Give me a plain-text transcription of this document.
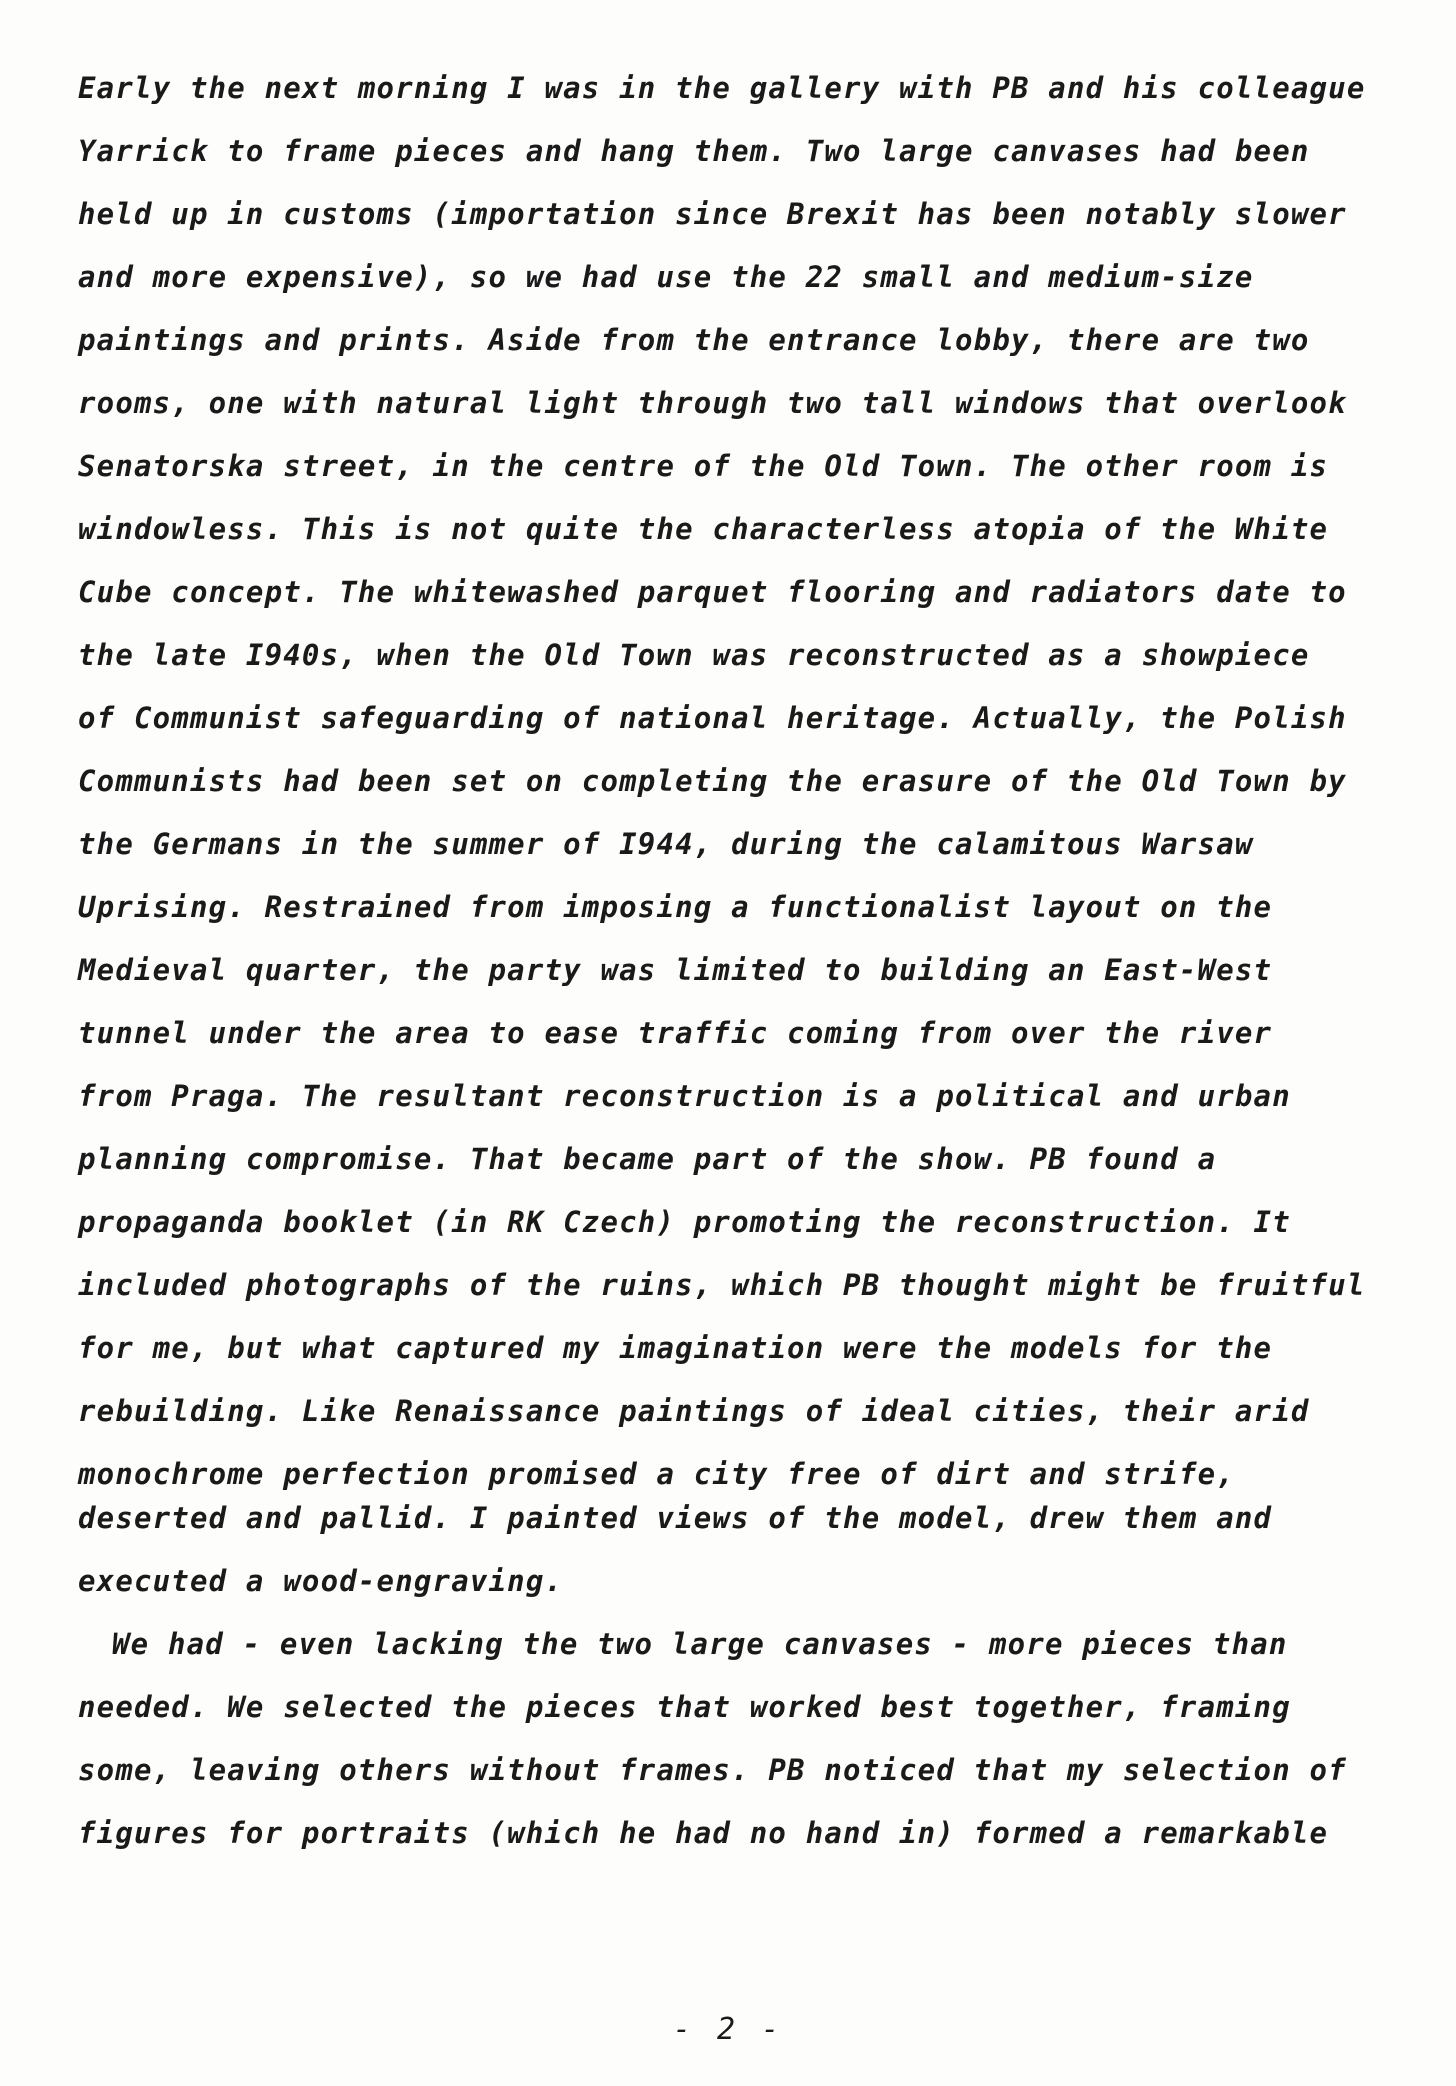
Early the next morning I was in the gallery with PB and his colleague
Yarrick to frame pieces and hang them. Two large canvases had been
held up in customs (importation since Brexit has been notably slower
and more expensive), so we had use the 22 small and medium-size
paintings and prints. Aside from the entrance lobby, there are two
rooms, one with natural light through two tall windows that overlook
Senatorska street, in the centre of the Old Town. The other room is
windowless. This is not quite the characterless atopia of the White
Cube concept. The whitewashed parquet flooring and radiators date to
the late I940s, when the Old Town was reconstructed as a showpiece
of Communist safeguarding of national heritage. Actually, the Polish
Communists had been set on completing the erasure of the Old Town by
the Germans in the summer of I944, during the calamitous Warsaw
Uprising. Restrained from imposing a functionalist layout on the
Medieval quarter, the party was limited to building an East-West
tunnel under the area to ease traffic coming from over the river
from Praga. The resultant reconstruction is a political and urban
planning compromise. That became part of the show. PB found a
propaganda booklet (in RK Czech) promoting the reconstruction. It
included photographs of the ruins, which PB thought might be fruitful
for me, but what captured my imagination were the models for the
rebuilding. Like Renaissance paintings of ideal cities, their arid
monochrome perfection promised a city free of dirt and strife,
deserted and pallid. I painted views of the model, drew them and
executed a wood-engraving.
We had - even lacking the two large canvases - more pieces than
needed. We selected the pieces that worked best together, framing
some, leaving others without frames. PB noticed that my selection of
figures for portraits (which he had no hand in) formed a remarkable
- 2 -
